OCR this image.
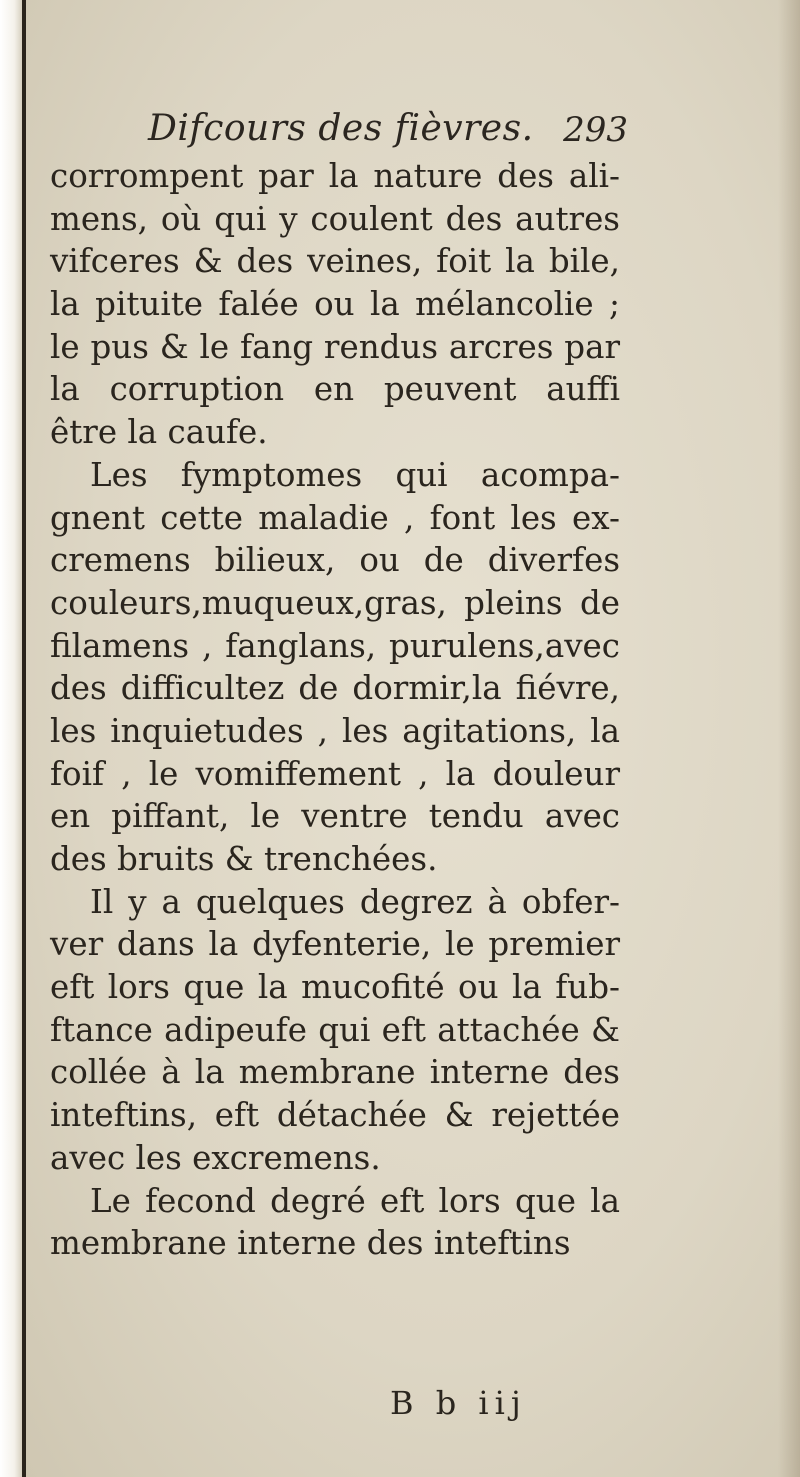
Difcours des fièvres. 293
corrompent par la nature des ali-
mens, où qui y coulent des autres
vifceres & des veines, foit la bile,
la pituite falée ou la mélancolie ;
le pus & le fang rendus arcres par
la corruption en peuvent auffi
être la caufe.
Les fymptomes qui acompa-
gnent cette maladie , font les ex-
cremens bilieux, ou de diverfes
couleurs,muqueux,gras, pleins de
filamens , fanglans, purulens,avec
des difficultez de dormir,la fiévre,
les inquietudes , les agitations, la
foif , le vomiffement , la douleur
en piffant, le ventre tendu avec
des bruits & trenchées.
Il y a quelques degrez à obfer-
ver dans la dyfenterie, le premier
eft lors que la mucofité ou la fub-
ftance adipeufe qui eft attachée &
collée à la membrane interne des
inteftins, eft détachée & rejettée
avec les excremens.
Le fecond degré eft lors que la
membrane interne des inteftins
B b iij
